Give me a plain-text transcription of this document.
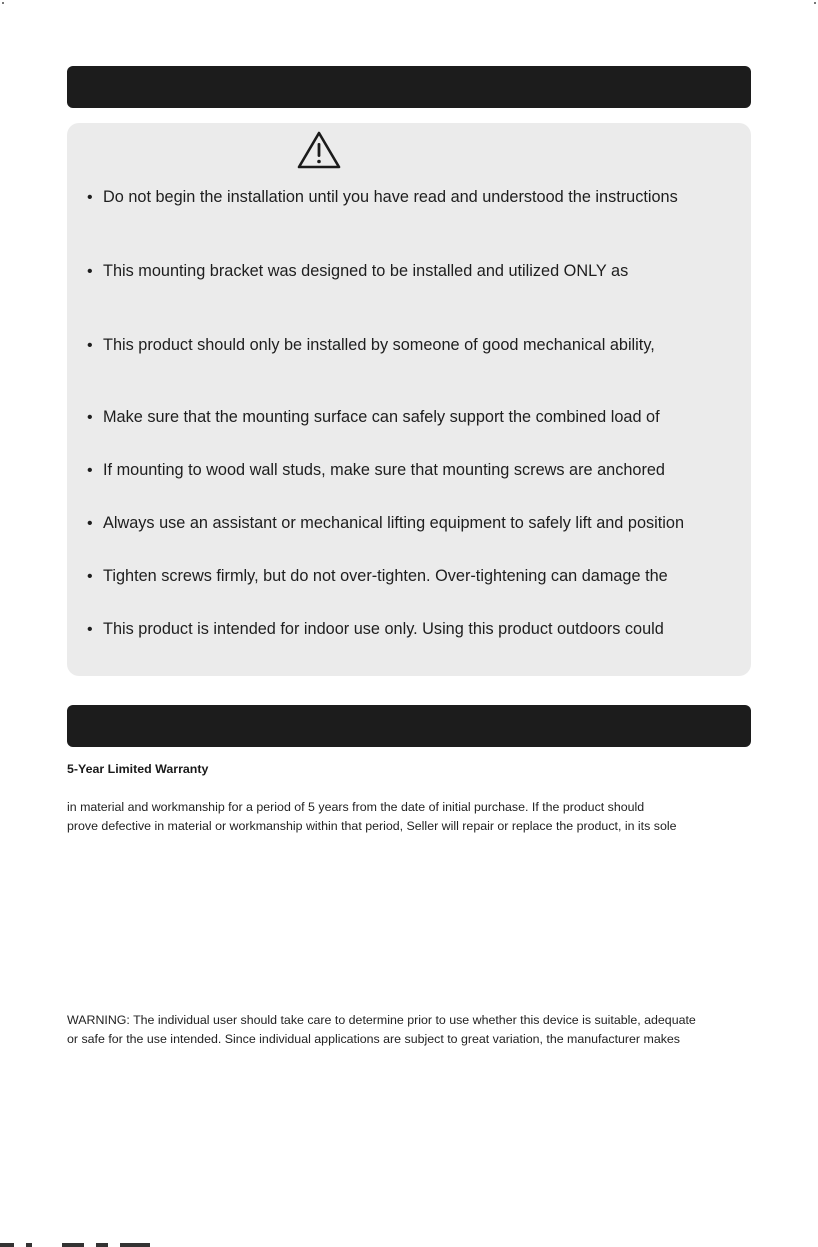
• Do not begin the installation until you have read and understood the instructions
• This mounting bracket was designed to be installed and utilized ONLY as
• This product should only be installed by someone of good mechanical ability,
• Make sure that the mounting surface can safely support the combined load of
• If mounting to wood wall studs, make sure that mounting screws are anchored
• Always use an assistant or mechanical lifting equipment to safely lift and position
• Tighten screws firmly, but do not over-tighten. Over-tightening can damage the
• This product is intended for indoor use only. Using this product outdoors could
5-Year Limited Warranty
in material and workmanship for a period of 5 years from the date of initial purchase. If the product should
prove defective in material or workmanship within that period, Seller will repair or replace the product, in its sole
WARNING: The individual user should take care to determine prior to use whether this device is suitable, adequate
or safe for the use intended. Since individual applications are subject to great variation, the manufacturer makes
